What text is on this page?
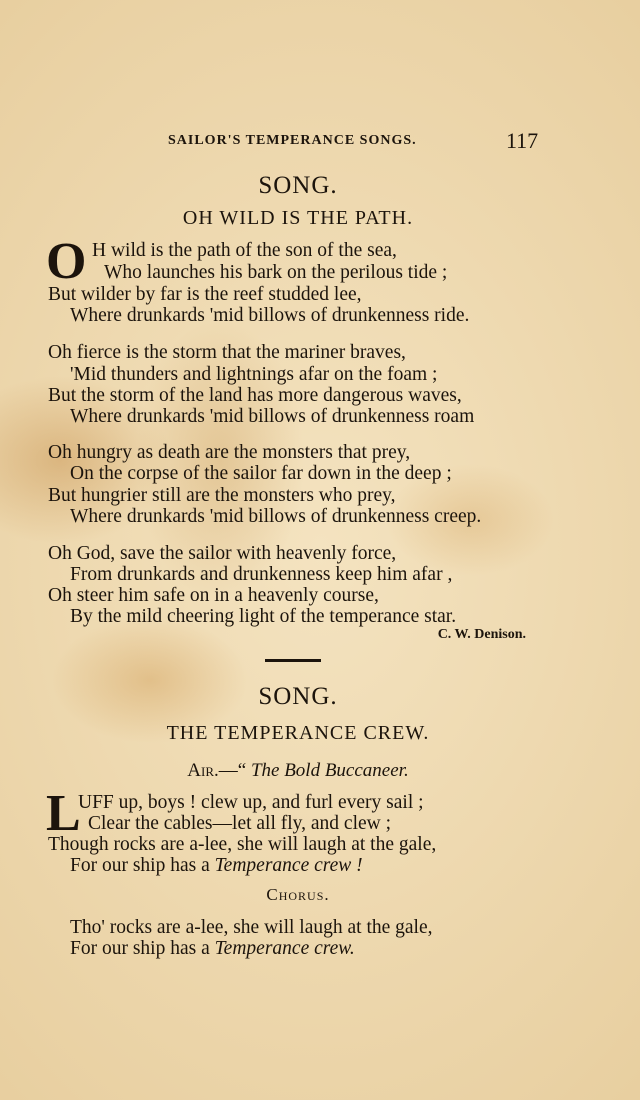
SAILOR'S TEMPERANCE SONGS.	117
SONG.
OH WILD IS THE PATH.
O H wild is the path of the son of the sea,
Who launches his bark on the perilous tide ;
But wilder by far is the reef studded lee,
Where drunkards 'mid billows of drunkenness ride.
Oh fierce is the storm that the mariner braves,
'Mid thunders and lightnings afar on the foam ;
But the storm of the land has more dangerous waves,
Where drunkards 'mid billows of drunkenness roam
Oh hungry as death are the monsters that prey,
On the corpse of the sailor far down in the deep ;
But hungrier still are the monsters who prey,
Where drunkards 'mid billows of drunkenness creep.
Oh God, save the sailor with heavenly force,
From drunkards and drunkenness keep him afar ,
Oh steer him safe on in a heavenly course,
By the mild cheering light of the temperance star.
C. W. Denison.
SONG.
THE TEMPERANCE CREW.
Air.—“ The Bold Buccaneer.
L
UFF up, boys ! clew up, and furl every sail ;
Clear the cables—let all fly, and clew ;
Though rocks are a-lee, she will laugh at the gale,
For our ship has a Temperance crew !
Chorus.
Tho' rocks are a-lee, she will laugh at the gale,
For our ship has a Temperance crew.
